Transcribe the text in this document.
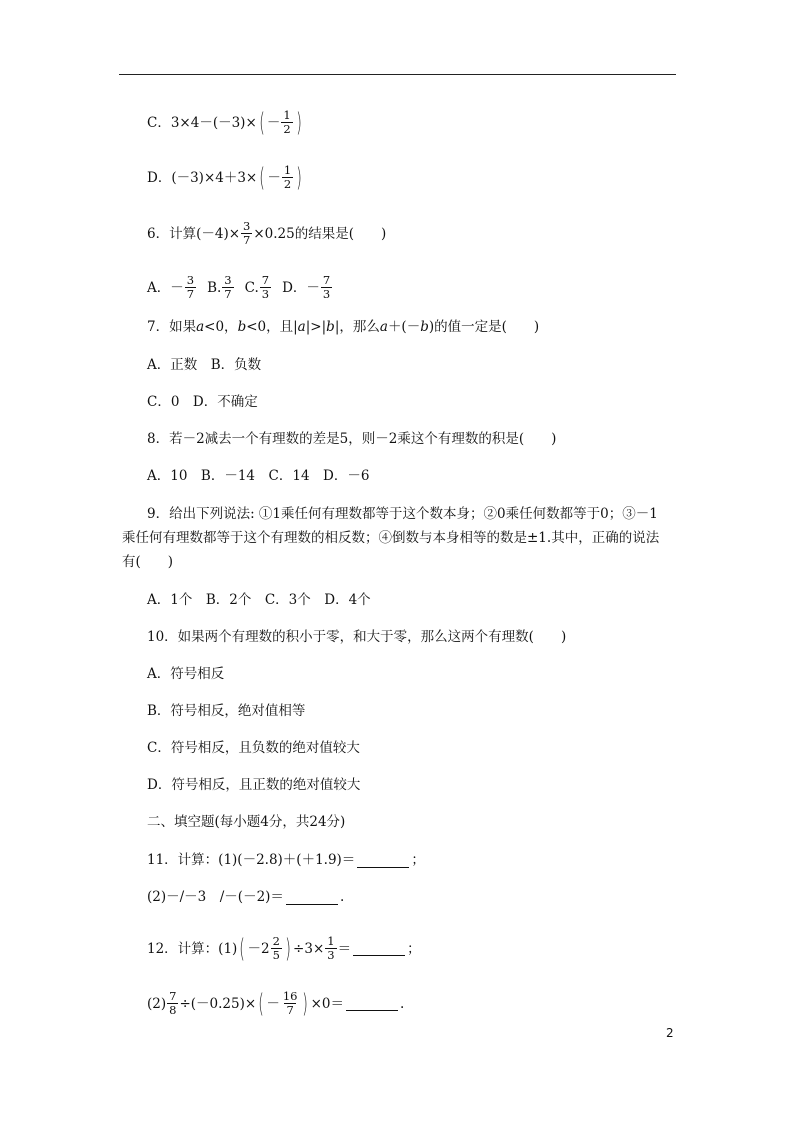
C．3×4－(－3)× ( － $\frac{1}{2}$ )
D．(－3)×4＋3× ( － $\frac{1}{2}$ )
6．计算$(-4)\times \frac{3}{7} \times 0.25$的结果是(　　)
A．－ $\frac{3}{7} B$. $\frac{3}{7} C$. $\frac{7}{3}$ D．－ $\frac{7}{3}$
7．如果 a <0， b <0，且| a |>| b |，那么 a ＋(－ b )的值一定是(　　)
A．正数　B．负数
C．0　D．不确定
8．若－2减去一个有理数的差是5，则－2乘这个有理数的积是(　　)
A．10　B．－14　C．14　D．－6
9．给出下列说法: ①1乘任何有理数都等于这个数本身；②0乘任何数都等于0；③－1
乘任何有理数都等于这个有理数的相反数；④倒数与本身相等的数是±1.其中，正确的说法
有(　　)
A．1个　B．2个　C．3个　D．4个
10．如果两个有理数的积小于零，和大于零，那么这两个有理数(　　)
A．符号相反
B．符号相反，绝对值相等
C．符号相反，且负数的绝对值较大
D．符号相反，且正数的绝对值较大
二、填空题(每小题4分，共24分)
11．计算：(1)(－2.8)＋(＋1.9)＝	；
(2)－/－3　/－(－2)＝	.
12．计算：(1) ( $-2 \frac{2}{5}$ ) $\div 3\times \frac{1}{3}$ ＝	；
$(2) \frac{7}{8} \div(-0.25)\times$ ( － $\frac{16}{7}$ ) ×0＝	.
2
